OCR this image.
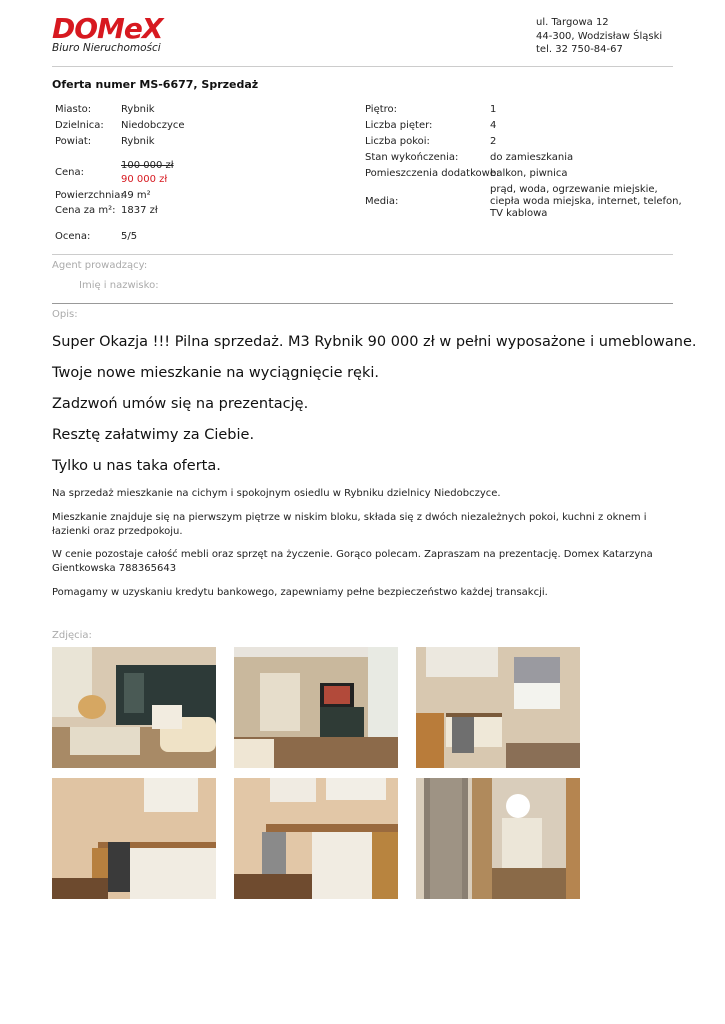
DOMeX
Biuro Nieruchomości
ul. Targowa 12
44-300, Wodzisław Śląski
tel. 32 750-84-67
Oferta numer MS-6677, Sprzedaż
Miasto:	Rybnik
Dzielnica: Niedobczyce
Powiat:	Rybnik
Cena:
100 000 zł
90 000 zł
Powierzchnia:
49 m²
Cena za m²: 1837 zł
Ocena:	5/5
Piętro:	1
Liczba pięter:	4
Liczba pokoi:	2
Stan wykończenia:	do zamieszkania
Pomieszczenia dodatkowe:
balkon, piwnica
Media:
prąd, woda, ogrzewanie miejskie,
ciepła woda miejska, internet, telefon,
TV kablowa
Agent prowadzący:
Imię i nazwisko:
Opis:
Super Okazja !!! Pilna sprzedaż. M3 Rybnik 90 000 zł w pełni wyposażone i umeblowane.
Twoje nowe mieszkanie na wyciągnięcie ręki.
Zadzwoń umów się na prezentację.
Resztę załatwimy za Ciebie.
Tylko u nas taka oferta.
Na sprzedaż mieszkanie na cichym i spokojnym osiedlu w Rybniku dzielnicy Niedobczyce.
Mieszkanie znajduje się na pierwszym piętrze w niskim bloku, składa się z dwóch niezależnych pokoi, kuchni z oknem i łazienki oraz przedpokoju.
W cenie pozostaje całość mebli oraz sprzęt na życzenie. Gorąco polecam. Zapraszam na prezentację. Domex Katarzyna Gientkowska 788365643
Pomagamy w uzyskaniu kredytu bankowego, zapewniamy pełne bezpieczeństwo każdej transakcji.
Zdjęcia:
